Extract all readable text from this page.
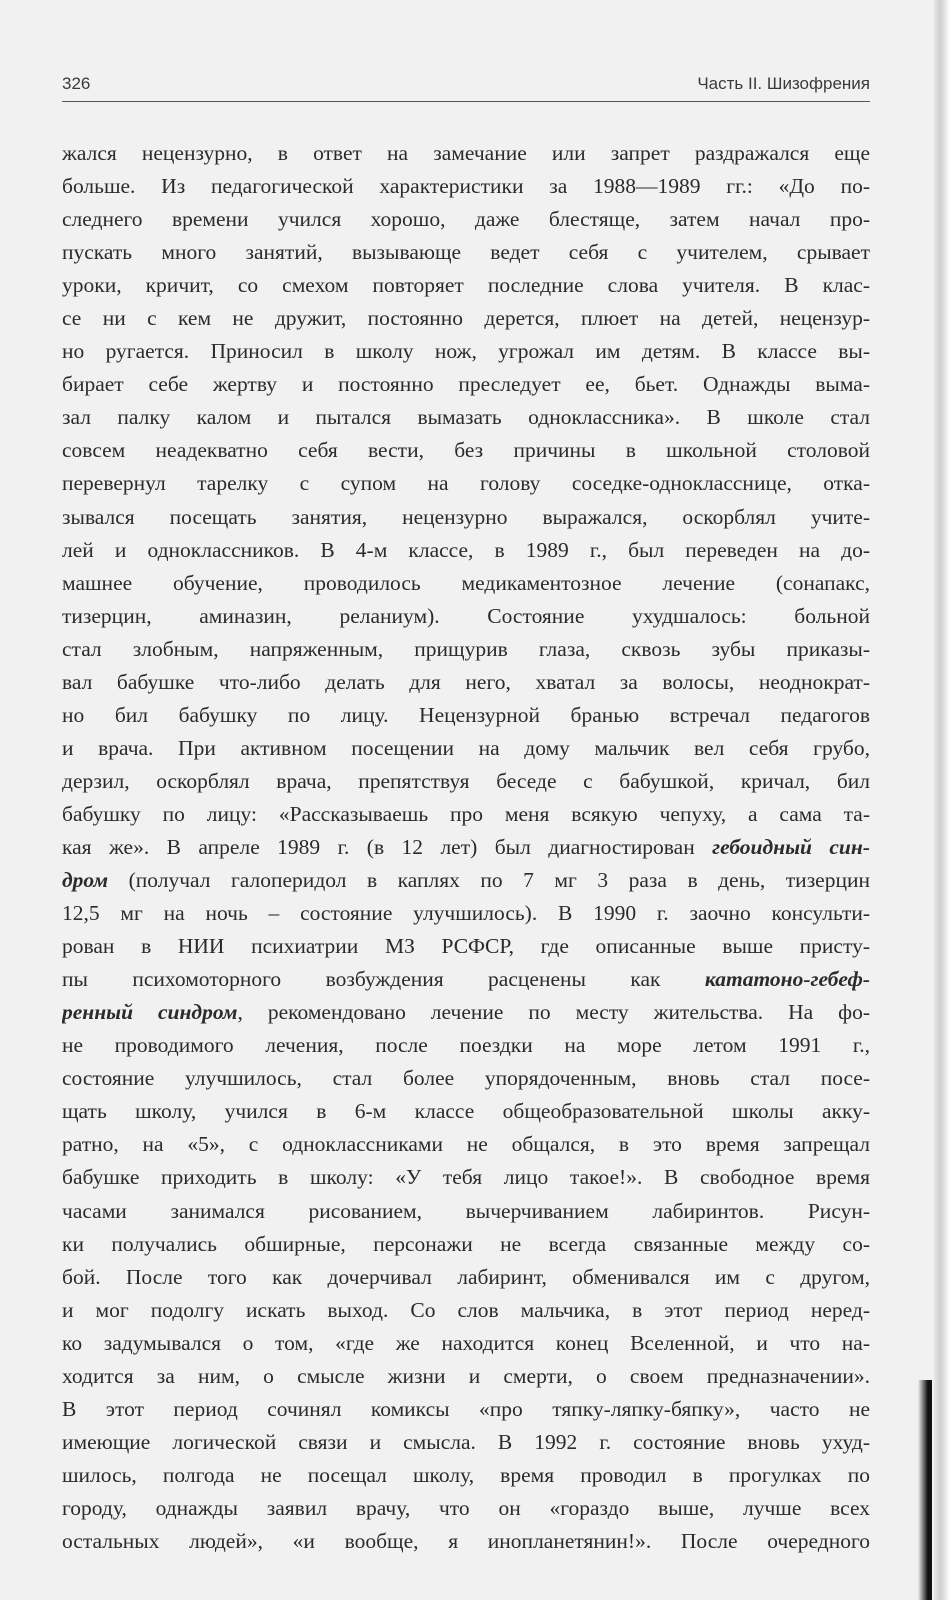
326	Часть II. Шизофрения
жался нецензурно, в ответ на замечание или запрет раздражался еще
больше. Из педагогической характеристики за 1988—1989 гг.: «До по-
следнего времени учился хорошо, даже блестяще, затем начал про-
пускать много занятий, вызывающе ведет себя с учителем, срывает
уроки, кричит, со смехом повторяет последние слова учителя. В клас-
се ни с кем не дружит, постоянно дерется, плюет на детей, нецензур-
но ругается. Приносил в школу нож, угрожал им детям. В классе вы-
бирает себе жертву и постоянно преследует ее, бьет. Однажды выма-
зал палку калом и пытался вымазать одноклассника». В школе стал
совсем неадекватно себя вести, без причины в школьной столовой
перевернул тарелку с супом на голову соседке-однокласснице, отка-
зывался посещать занятия, нецензурно выражался, оскорблял учите-
лей и одноклассников. В 4-м классе, в 1989 г., был переведен на до-
машнее обучение, проводилось медикаментозное лечение (сонапакс,
тизерцин, аминазин, реланиум). Состояние ухудшалось: больной
стал злобным, напряженным, прищурив глаза, сквозь зубы приказы-
вал бабушке что-либо делать для него, хватал за волосы, неоднократ-
но бил бабушку по лицу. Нецензурной бранью встречал педагогов
и врача. При активном посещении на дому мальчик вел себя грубо,
дерзил, оскорблял врача, препятствуя беседе с бабушкой, кричал, бил
бабушку по лицу: «Рассказываешь про меня всякую чепуху, а сама та-
кая же». В апреле 1989 г. (в 12 лет) был диагностирован гебоидный син-
дром (получал галоперидол в каплях по 7 мг 3 раза в день, тизерцин
12,5 мг на ночь – состояние улучшилось). В 1990 г. заочно консульти-
рован в НИИ психиатрии МЗ РСФСР, где описанные выше присту-
пы психомоторного возбуждения расценены как кататоно-гебеф-
ренный синдром, рекомендовано лечение по месту жительства. На фо-
не проводимого лечения, после поездки на море летом 1991 г.,
состояние улучшилось, стал более упорядоченным, вновь стал посе-
щать школу, учился в 6-м классе общеобразовательной школы акку-
ратно, на «5», с одноклассниками не общался, в это время запрещал
бабушке приходить в школу: «У тебя лицо такое!». В свободное время
часами занимался рисованием, вычерчиванием лабиринтов. Рисун-
ки получались обширные, персонажи не всегда связанные между со-
бой. После того как дочерчивал лабиринт, обменивался им с другом,
и мог подолгу искать выход. Со слов мальчика, в этот период неред-
ко задумывался о том, «где же находится конец Вселенной, и что на-
ходится за ним, о смысле жизни и смерти, о своем предназначении».
В этот период сочинял комиксы «про тяпку-ляпку-бяпку», часто не
имеющие логической связи и смысла. В 1992 г. состояние вновь ухуд-
шилось, полгода не посещал школу, время проводил в прогулках по
городу, однажды заявил врачу, что он «гораздо выше, лучше всех
остальных людей», «и вообще, я инопланетянин!». После очередного
